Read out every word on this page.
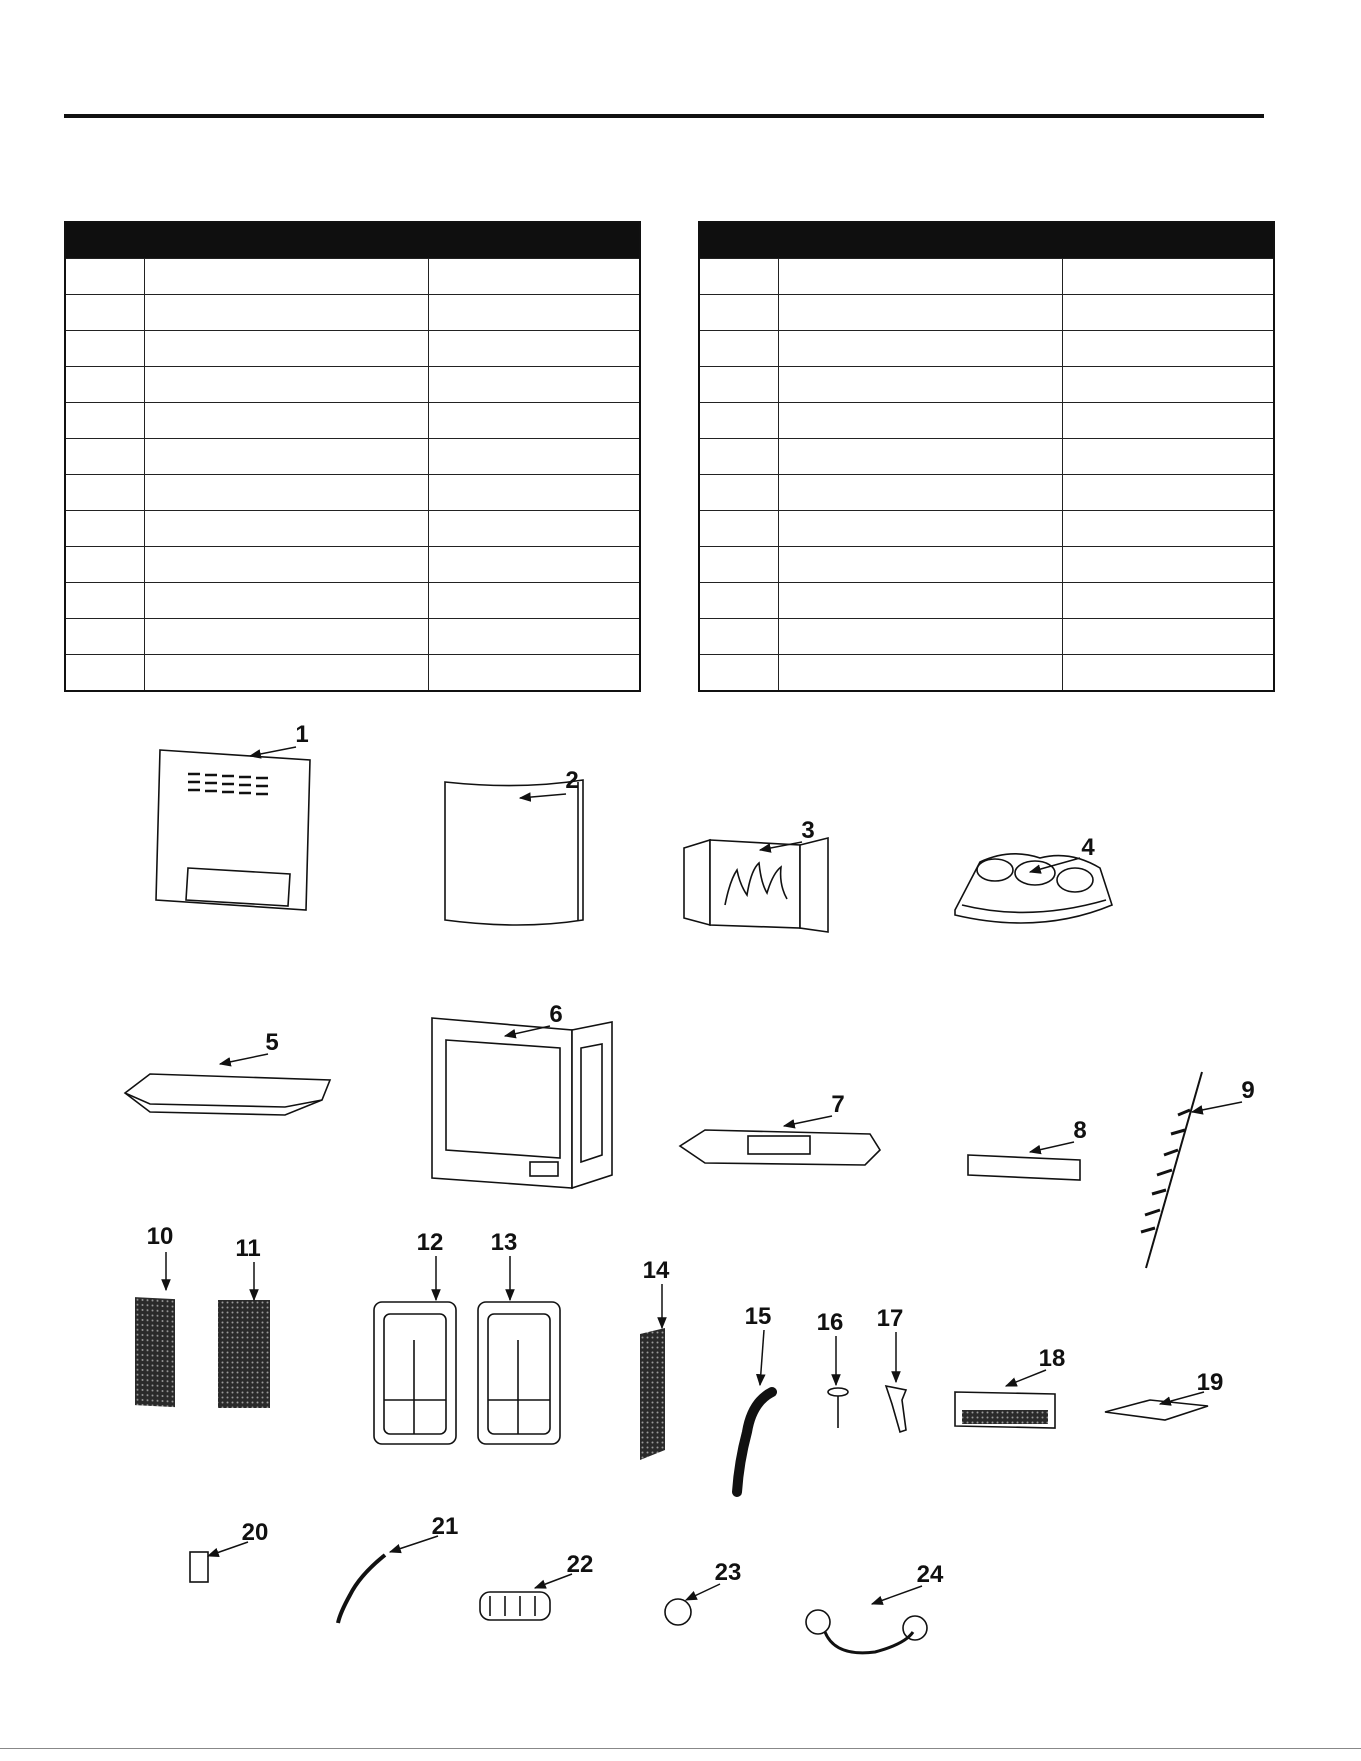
1
2
3
4
5
6
7
8
9
10	11	12 13
14
15 16 17
18
19
20	21
22	23	24
